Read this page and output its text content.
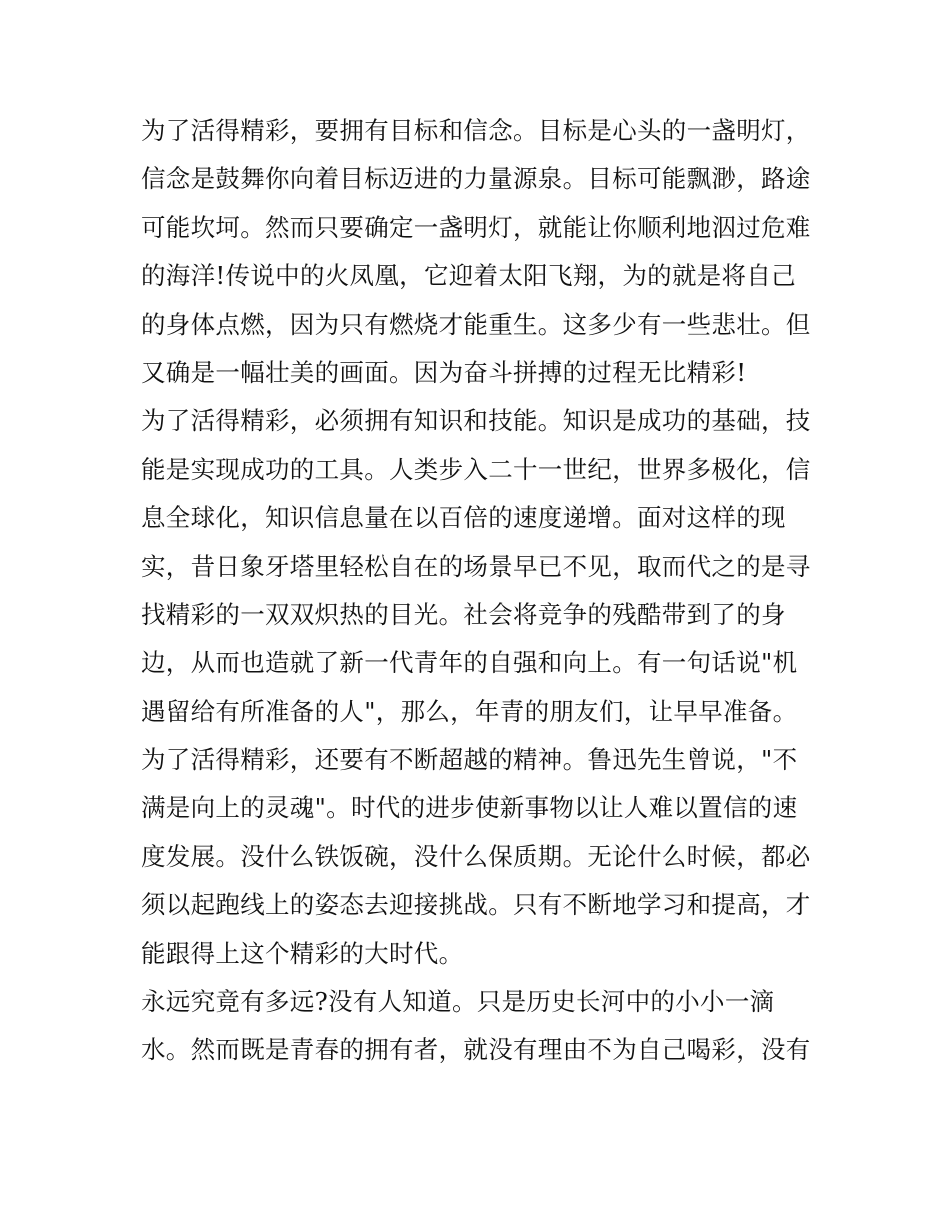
为了活得精彩，要拥有目标和信念。目标是心头的一盏明灯，
信念是鼓舞你向着目标迈进的力量源泉。目标可能飘渺，路途
可能坎坷。然而只要确定一盏明灯，就能让你顺利地泅过危难
的海洋!传说中的火凤凰，它迎着太阳飞翔，为的就是将自己
的身体点燃，因为只有燃烧才能重生。这多少有一些悲壮。但
又确是一幅壮美的画面。因为奋斗拼搏的过程无比精彩!
为了活得精彩，必须拥有知识和技能。知识是成功的基础，技
能是实现成功的工具。人类步入二十一世纪，世界多极化，信
息全球化，知识信息量在以百倍的速度递增。面对这样的现
实，昔日象牙塔里轻松自在的场景早已不见，取而代之的是寻
找精彩的一双双炽热的目光。社会将竞争的残酷带到了的身
边，从而也造就了新一代青年的自强和向上。有一句话说"机
遇留给有所准备的人"，那么，年青的朋友们，让早早准备。
为了活得精彩，还要有不断超越的精神。鲁迅先生曾说，"不
满是向上的灵魂"。时代的进步使新事物以让人难以置信的速
度发展。没什么铁饭碗，没什么保质期。无论什么时候，都必
须以起跑线上的姿态去迎接挑战。只有不断地学习和提高，才
能跟得上这个精彩的大时代。
永远究竟有多远?没有人知道。只是历史长河中的小小一滴
水。然而既是青春的拥有者，就没有理由不为自己喝彩，没有
